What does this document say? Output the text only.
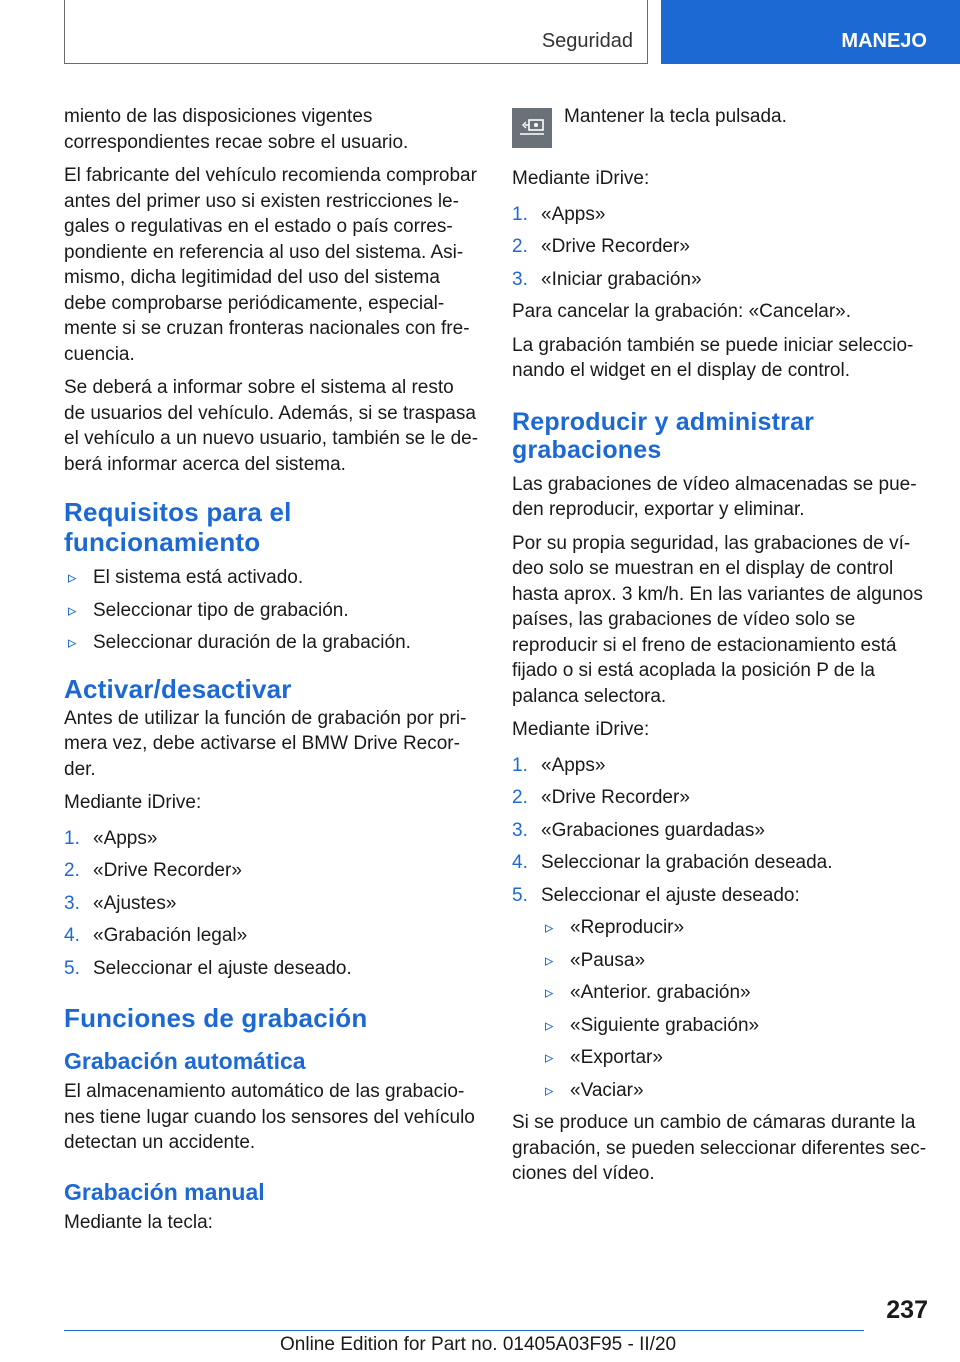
Seguridad	MANEJO

miento de las disposiciones vigentes correspondientes recae sobre el usuario.

El fabricante del vehículo recomienda comprobar antes del primer uso si existen restricciones legales o regulativas en el estado o país correspondiente en referencia al uso del sistema. Asimismo, dicha legitimidad del uso del sistema debe comprobarse periódicamente, especialmente si se cruzan fronteras nacionales con frecuencia.

Se deberá a informar sobre el sistema al resto de usuarios del vehículo. Además, si se traspasa el vehículo a un nuevo usuario, también se le deberá informar acerca del sistema.

Requisitos para el funcionamiento
▹ El sistema está activado.
▹ Seleccionar tipo de grabación.
▹ Seleccionar duración de la grabación.
Activar/desactivar

Antes de utilizar la función de grabación por primera vez, debe activarse el BMW Drive Recorder.

Mediante iDrive:

1. «Apps»
2. «Drive Recorder»
3. «Ajustes»
4. «Grabación legal»
5. Seleccionar el ajuste deseado.
Funciones de grabación
Grabación automática

El almacenamiento automático de las grabaciones tiene lugar cuando los sensores del vehículo detectan un accidente.

Grabación manual

Mediante la tecla:

Mantener la tecla pulsada.

Mediante iDrive:

1. «Apps»
2. «Drive Recorder»
3. «Iniciar grabación»

Para cancelar la grabación: «Cancelar».

La grabación también se puede iniciar seleccionando el widget en el display de control.

Reproducir y administrar grabaciones

Las grabaciones de vídeo almacenadas se pueden reproducir, exportar y eliminar.

Por su propia seguridad, las grabaciones de vídeo solo se muestran en el display de control hasta aprox. 3 km/h. En las variantes de algunos países, las grabaciones de vídeo solo se reproducir si el freno de estacionamiento está fijado o si está acoplada la posición P de la palanca selectora.

Mediante iDrive:

1. «Apps»
2. «Drive Recorder»
3. «Grabaciones guardadas»
4. Seleccionar la grabación deseada.
5. Seleccionar el ajuste deseado:
▹ «Reproducir»
▹ «Pausa»
▹ «Anterior. grabación»
▹ «Siguiente grabación»
▹ «Exportar»
▹ «Vaciar»

Si se produce un cambio de cámaras durante la grabación, se pueden seleccionar diferentes secciones del vídeo.

237
Online Edition for Part no. 01405A03F95 - II/20
